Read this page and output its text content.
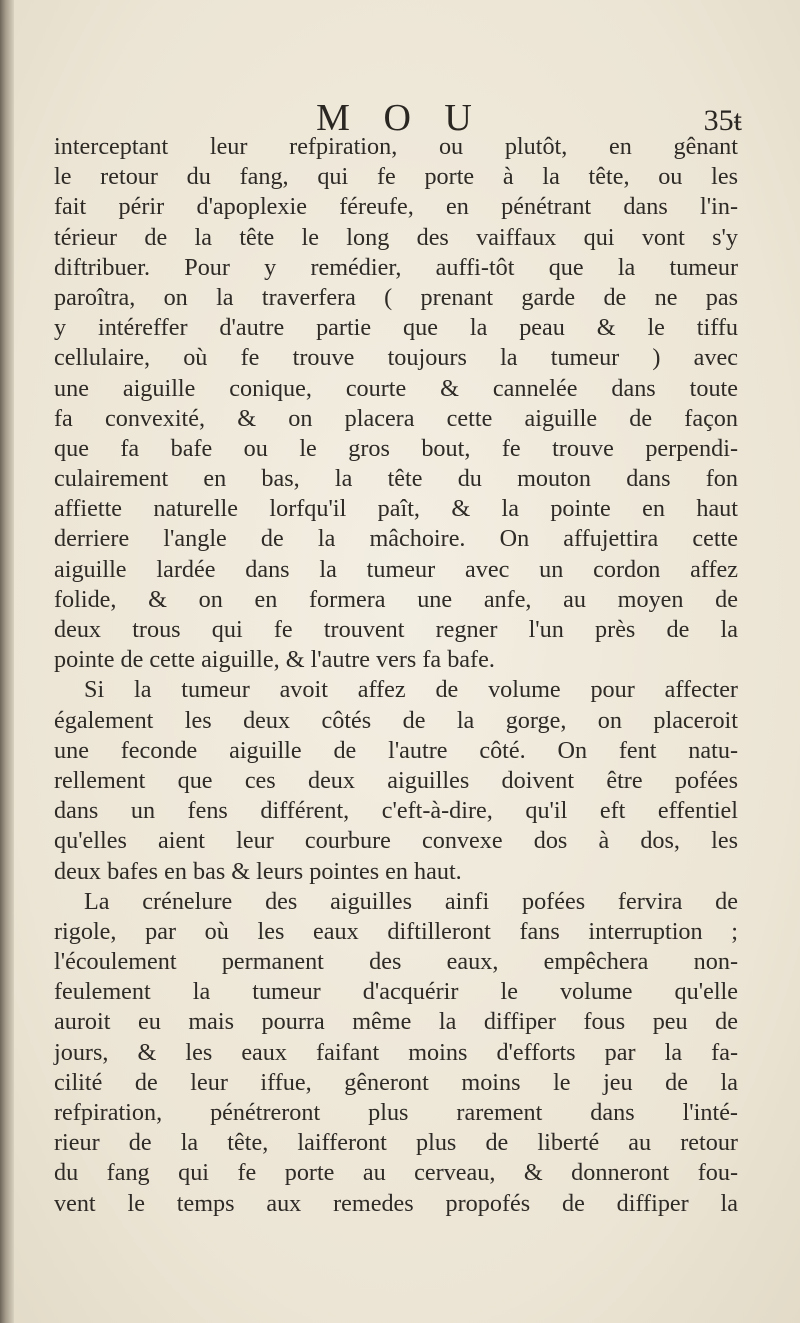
M O U	35ŧ
interceptant leur refpiration, ou plutôt, en gênant
le retour du fang, qui fe porte à la tête, ou les
fait périr d'apoplexie féreufe, en pénétrant dans l'in-
térieur de la tête le long des vaiffaux qui vont s'y
diftribuer. Pour y remédier, auffi-tôt que la tumeur
paroîtra, on la traverfera ( prenant garde de ne pas
y intéreffer d'autre partie que la peau & le tiffu
cellulaire, où fe trouve toujours la tumeur ) avec
une aiguille conique, courte & cannelée dans toute
fa convexité, & on placera cette aiguille de façon
que fa bafe ou le gros bout, fe trouve perpendi-
culairement en bas, la tête du mouton dans fon
affiette naturelle lorfqu'il paît, & la pointe en haut
derriere l'angle de la mâchoire. On affujettira cette
aiguille lardée dans la tumeur avec un cordon affez
folide, & on en formera une anfe, au moyen de
deux trous qui fe trouvent regner l'un près de la
pointe de cette aiguille, & l'autre vers fa bafe.
Si la tumeur avoit affez de volume pour affecter
également les deux côtés de la gorge, on placeroit
une feconde aiguille de l'autre côté. On fent natu-
rellement que ces deux aiguilles doivent être pofées
dans un fens différent, c'eft-à-dire, qu'il eft effentiel
qu'elles aient leur courbure convexe dos à dos, les
deux bafes en bas & leurs pointes en haut.
La crénelure des aiguilles ainfi pofées fervira de
rigole, par où les eaux diftilleront fans interruption ;
l'écoulement permanent des eaux, empêchera non-
feulement la tumeur d'acquérir le volume qu'elle
auroit eu mais pourra même la diffiper fous peu de
jours, & les eaux faifant moins d'efforts par la fa-
cilité de leur iffue, gêneront moins le jeu de la
refpiration, pénétreront plus rarement dans l'inté-
rieur de la tête, laifferont plus de liberté au retour
du fang qui fe porte au cerveau, & donneront fou-
vent le temps aux remedes propofés de diffiper la
